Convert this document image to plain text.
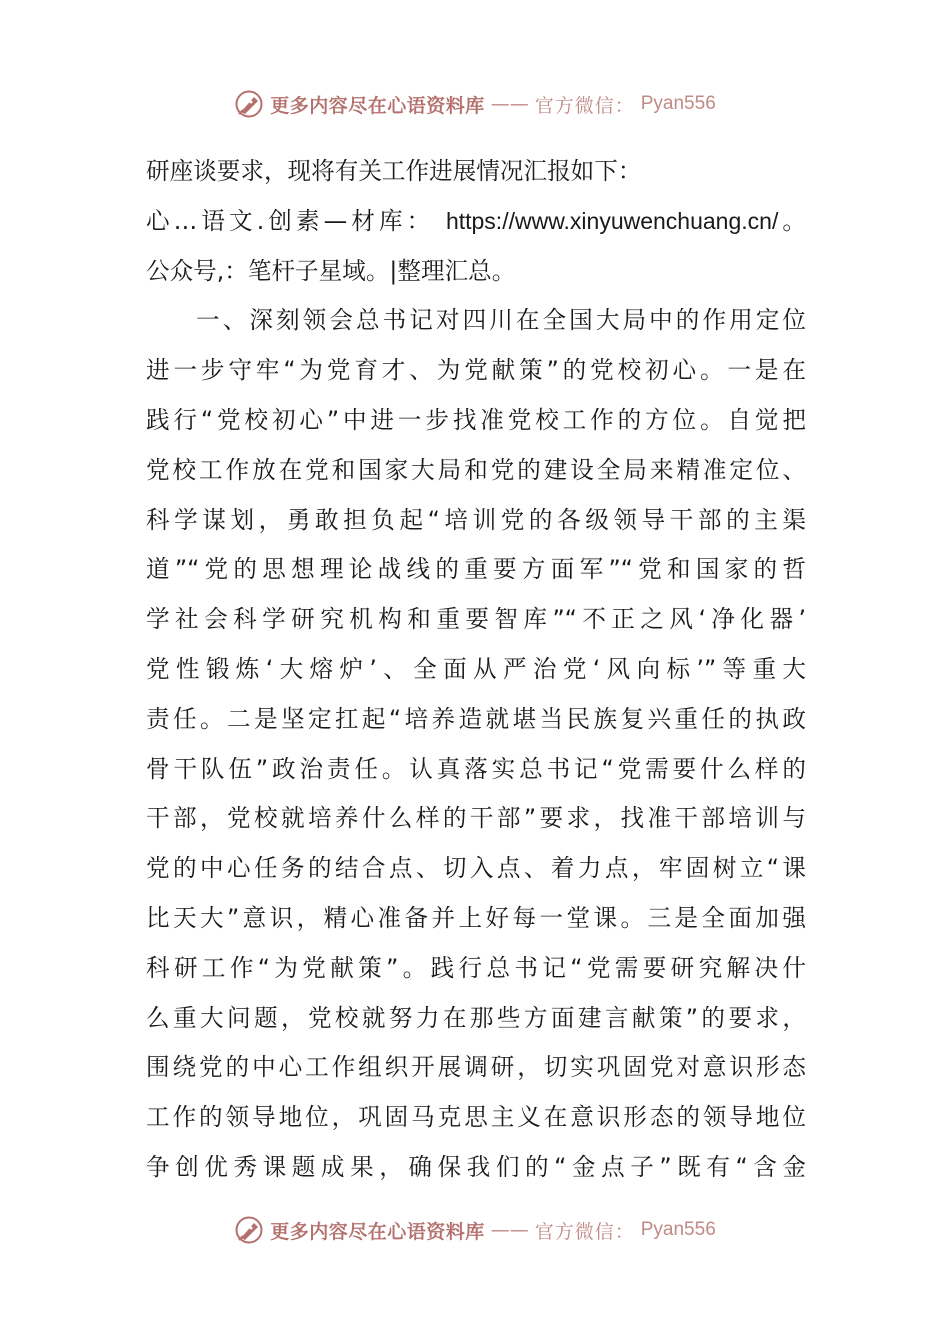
更多内容尽在心语资料库 —— 官方微信： Pyan556
研座谈要求，现将有关工作进展情况汇报如下：
心…语文.创素—材库： https://www.xinyuwenchuang.cn/。
公众号,：笔杆子星域。|整理汇总。
一、深刻领会总书记对四川在全国大局中的作用定位
进一步守牢“为党育才、为党献策”的党校初心。一是在
践行“党校初心”中进一步找准党校工作的方位。自觉把
党校工作放在党和国家大局和党的建设全局来精准定位、
科学谋划，勇敢担负起“培训党的各级领导干部的主渠
道”“党的思想理论战线的重要方面军”“党和国家的哲
学社会科学研究机构和重要智库”“不正之风‘净化器’
党性锻炼‘大熔炉’、全面从严治党‘风向标’”等重大
责任。二是坚定扛起“培养造就堪当民族复兴重任的执政
骨干队伍”政治责任。认真落实总书记“党需要什么样的
干部，党校就培养什么样的干部”要求，找准干部培训与
党的中心任务的结合点、切入点、着力点，牢固树立“课
比天大”意识，精心准备并上好每一堂课。三是全面加强
科研工作“为党献策”。践行总书记“党需要研究解决什
么重大问题，党校就努力在那些方面建言献策”的要求，
围绕党的中心工作组织开展调研，切实巩固党对意识形态
工作的领导地位，巩固马克思主义在意识形态的领导地位
争创优秀课题成果，确保我们的“金点子”既有“含金
更多内容尽在心语资料库 —— 官方微信： Pyan556
